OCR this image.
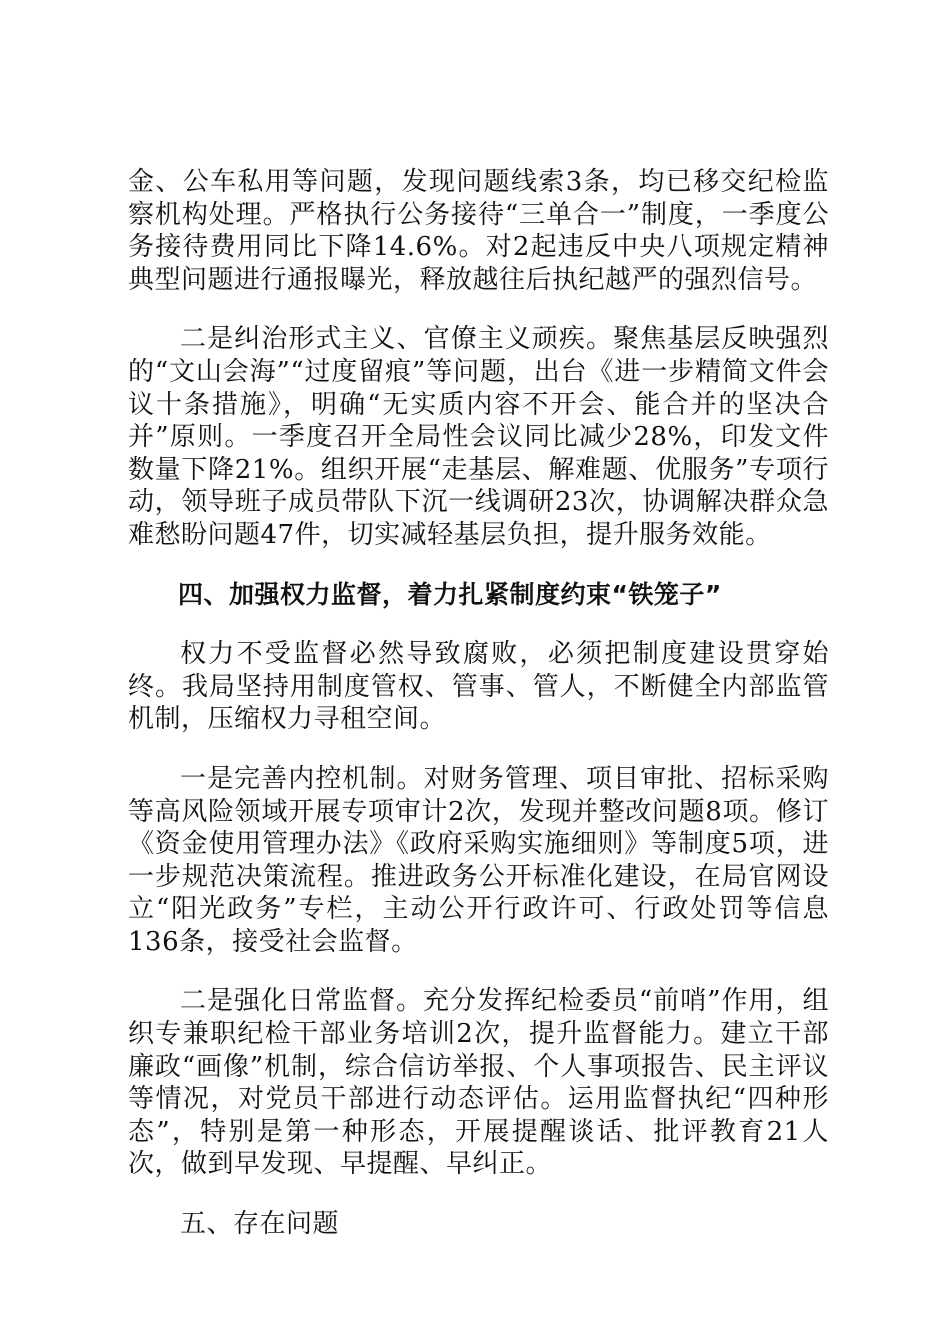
金、公车私用等问题，发现问题线索3条，均已移交纪检监察机构处理。严格执行公务接待“三单合一”制度，一季度公务接待费用同比下降14.6%。对2起违反中央八项规定精神典型问题进行通报曝光，释放越往后执纪越严的强烈信号。

二是纠治形式主义、官僚主义顽疾。聚焦基层反映强烈的“文山会海”“过度留痕”等问题，出台《进一步精简文件会议十条措施》，明确“无实质内容不开会、能合并的坚决合并”原则。一季度召开全局性会议同比减少28%，印发文件数量下降21%。组织开展“走基层、解难题、优服务”专项行动，领导班子成员带队下沉一线调研23次，协调解决群众急难愁盼问题47件，切实减轻基层负担，提升服务效能。

四、加强权力监督，着力扎紧制度约束“铁笼子”

权力不受监督必然导致腐败，必须把制度建设贯穿始终。我局坚持用制度管权、管事、管人，不断健全内部监管机制，压缩权力寻租空间。

一是完善内控机制。对财务管理、项目审批、招标采购等高风险领域开展专项审计2次，发现并整改问题8项。修订《资金使用管理办法》《政府采购实施细则》等制度5项，进一步规范决策流程。推进政务公开标准化建设，在局官网设立“阳光政务”专栏，主动公开行政许可、行政处罚等信息136条，接受社会监督。

二是强化日常监督。充分发挥纪检委员“前哨”作用，组织专兼职纪检干部业务培训2次，提升监督能力。建立干部廉政“画像”机制，综合信访举报、个人事项报告、民主评议等情况，对党员干部进行动态评估。运用监督执纪“四种形态”，特别是第一种形态，开展提醒谈话、批评教育21人次，做到早发现、早提醒、早纠正。

五、存在问题
